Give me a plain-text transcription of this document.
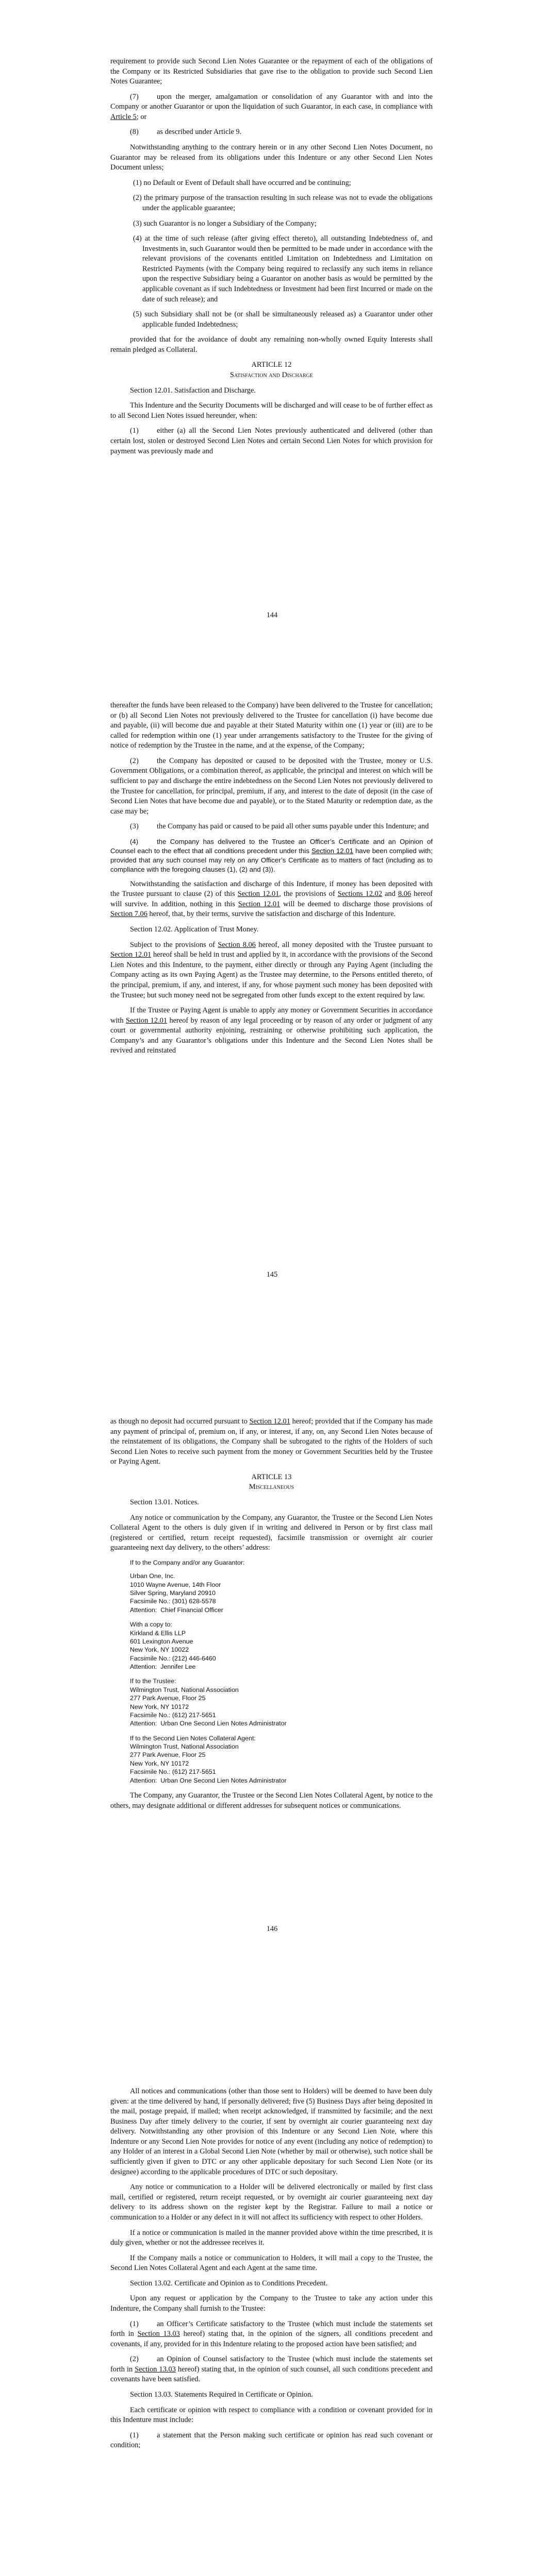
requirement to provide such Second Lien Notes Guarantee or the repayment of each of the obligations of the Company or its Restricted Subsidiaries that gave rise to the obligation to provide such Second Lien Notes Guarantee;

(7) upon the merger, amalgamation or consolidation of any Guarantor with and into the Company or another Guarantor or upon the liquidation of such Guarantor, in each case, in compliance with Article 5; or

(8) as described under Article 9.

Notwithstanding anything to the contrary herein or in any other Second Lien Notes Document, no Guarantor may be released from its obligations under this Indenture or any other Second Lien Notes Document unless;

(1) no Default or Event of Default shall have occurred and be continuing;

(2) the primary purpose of the transaction resulting in such release was not to evade the obligations under the applicable guarantee;

(3) such Guarantor is no longer a Subsidiary of the Company;

(4) at the time of such release (after giving effect thereto), all outstanding Indebtedness of, and Investments in, such Guarantor would then be permitted to be made under in accordance with the relevant provisions of the covenants entitled Limitation on Indebtedness and Limitation on Restricted Payments (with the Company being required to reclassify any such items in reliance upon the respective Subsidiary being a Guarantor on another basis as would be permitted by the applicable covenant as if such Indebtedness or Investment had been first Incurred or made on the date of such release); and

(5) such Subsidiary shall not be (or shall be simultaneously released as) a Guarantor under other applicable funded Indebtedness;

provided that for the avoidance of doubt any remaining non-wholly owned Equity Interests shall remain pledged as Collateral.

ARTICLE 12

Satisfaction and Discharge

Section 12.01. Satisfaction and Discharge.

This Indenture and the Security Documents will be discharged and will cease to be of further effect as to all Second Lien Notes issued hereunder, when:

(1) either (a) all the Second Lien Notes previously authenticated and delivered (other than certain lost, stolen or destroyed Second Lien Notes and certain Second Lien Notes for which provision for payment was previously made and

144

thereafter the funds have been released to the Company) have been delivered to the Trustee for cancellation; or (b) all Second Lien Notes not previously delivered to the Trustee for cancellation (i) have become due and payable, (ii) will become due and payable at their Stated Maturity within one (1) year or (iii) are to be called for redemption within one (1) year under arrangements satisfactory to the Trustee for the giving of notice of redemption by the Trustee in the name, and at the expense, of the Company;

(2) the Company has deposited or caused to be deposited with the Trustee, money or U.S. Government Obligations, or a combination thereof, as applicable, the principal and interest on which will be sufficient to pay and discharge the entire indebtedness on the Second Lien Notes not previously delivered to the Trustee for cancellation, for principal, premium, if any, and interest to the date of deposit (in the case of Second Lien Notes that have become due and payable), or to the Stated Maturity or redemption date, as the case may be;

(3) the Company has paid or caused to be paid all other sums payable under this Indenture; and

(4)	the Company has delivered to the Trustee an Officer’s Certificate and an Opinion of Counsel each to the effect that all conditions precedent under this Section 12.01 have been complied with; provided that any such counsel may rely on any Officer’s Certificate as to matters of fact (including as to compliance with the foregoing clauses (1), (2) and (3)).

Notwithstanding the satisfaction and discharge of this Indenture, if money has been deposited with the Trustee pursuant to clause (2) of this Section 12.01, the provisions of Sections 12.02 and 8.06 hereof will survive. In addition, nothing in this Section 12.01 will be deemed to discharge those provisions of Section 7.06 hereof, that, by their terms, survive the satisfaction and discharge of this Indenture.

Section 12.02. Application of Trust Money.

Subject to the provisions of Section 8.06 hereof, all money deposited with the Trustee pursuant to Section 12.01 hereof shall be held in trust and applied by it, in accordance with the provisions of the Second Lien Notes and this Indenture, to the payment, either directly or through any Paying Agent (including the Company acting as its own Paying Agent) as the Trustee may determine, to the Persons entitled thereto, of the principal, premium, if any, and interest, if any, for whose payment such money has been deposited with the Trustee; but such money need not be segregated from other funds except to the extent required by law.

If the Trustee or Paying Agent is unable to apply any money or Government Securities in accordance with Section 12.01 hereof by reason of any legal proceeding or by reason of any order or judgment of any court or governmental authority enjoining, restraining or otherwise prohibiting such application, the Company’s and any Guarantor’s obligations under this Indenture and the Second Lien Notes shall be revived and reinstated

145

as though no deposit had occurred pursuant to Section 12.01 hereof; provided that if the Company has made any payment of principal of, premium on, if any, or interest, if any, on, any Second Lien Notes because of the reinstatement of its obligations, the Company shall be subrogated to the rights of the Holders of such Second Lien Notes to receive such payment from the money or Government Securities held by the Trustee or Paying Agent.

ARTICLE 13

Miscellaneous

Section 13.01. Notices.

Any notice or communication by the Company, any Guarantor, the Trustee or the Second Lien Notes Collateral Agent to the others is duly given if in writing and delivered in Person or by first class mail (registered or certified, return receipt requested), facsimile transmission or overnight air courier guaranteeing next day delivery, to the others’ address:

If to the Company and/or any Guarantor:
Urban One, Inc.
1010 Wayne Avenue, 14th Floor
Silver Spring, Maryland 20910
Facsimile No.: (301) 628-5578
Attention:  Chief Financial Officer
With a copy to:
Kirkland & Ellis LLP
601 Lexington Avenue
New York, NY 10022
Facsimile No.: (212) 446-6460
Attention:  Jennifer Lee
If to the Trustee:
Wilmington Trust, National Association
277 Park Avenue, Floor 25
New York, NY 10172
Facsimile No.: (612) 217-5651
Attention:  Urban One Second Lien Notes Administrator
If to the Second Lien Notes Collateral Agent:
Wilmington Trust, National Association
277 Park Avenue, Floor 25
New York, NY 10172
Facsimile No.: (612) 217-5651
Attention:  Urban One Second Lien Notes Administrator

The Company, any Guarantor, the Trustee or the Second Lien Notes Collateral Agent, by notice to the others, may designate additional or different addresses for subsequent notices or communications.

146

All notices and communications (other than those sent to Holders) will be deemed to have been duly given: at the time delivered by hand, if personally delivered; five (5) Business Days after being deposited in the mail, postage prepaid, if mailed; when receipt acknowledged, if transmitted by facsimile; and the next Business Day after timely delivery to the courier, if sent by overnight air courier guaranteeing next day delivery. Notwithstanding any other provision of this Indenture or any Second Lien Note, where this Indenture or any Second Lien Note provides for notice of any event (including any notice of redemption) to any Holder of an interest in a Global Second Lien Note (whether by mail or otherwise), such notice shall be sufficiently given if given to DTC or any other applicable depositary for such Second Lien Note (or its designee) according to the applicable procedures of DTC or such depositary.

Any notice or communication to a Holder will be delivered electronically or mailed by first class mail, certified or registered, return receipt requested, or by overnight air courier guaranteeing next day delivery to its address shown on the register kept by the Registrar. Failure to mail a notice or communication to a Holder or any defect in it will not affect its sufficiency with respect to other Holders.

If a notice or communication is mailed in the manner provided above within the time prescribed, it is duly given, whether or not the addressee receives it.

If the Company mails a notice or communication to Holders, it will mail a copy to the Trustee, the Second Lien Notes Collateral Agent and each Agent at the same time.

Section 13.02. Certificate and Opinion as to Conditions Precedent.

Upon any request or application by the Company to the Trustee to take any action under this Indenture, the Company shall furnish to the Trustee:

(1) an Officer’s Certificate satisfactory to the Trustee (which must include the statements set forth in Section 13.03 hereof) stating that, in the opinion of the signers, all conditions precedent and covenants, if any, provided for in this Indenture relating to the proposed action have been satisfied; and

(2) an Opinion of Counsel satisfactory to the Trustee (which must include the statements set forth in Section 13.03 hereof) stating that, in the opinion of such counsel, all such conditions precedent and covenants have been satisfied.

Section 13.03. Statements Required in Certificate or Opinion.

Each certificate or opinion with respect to compliance with a condition or covenant provided for in this Indenture must include:

(1) a statement that the Person making such certificate or opinion has read such covenant or condition;
